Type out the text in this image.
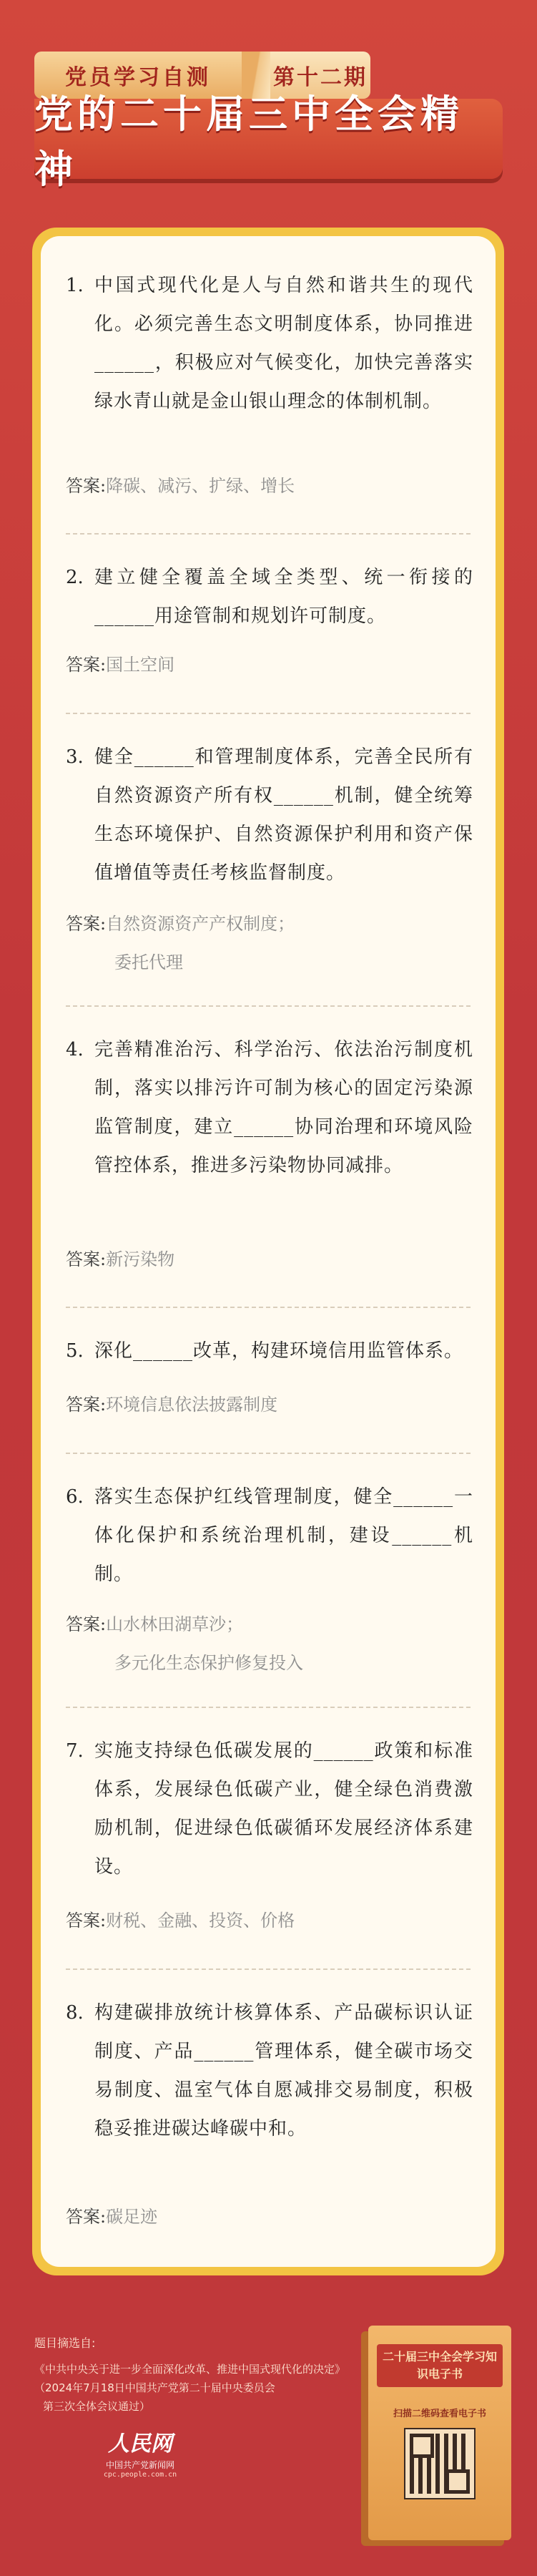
党员学习自测	第十二期
党的二十届三中全会精神
1. 中国式现代化是人与自然和谐共生的现代化。必须完善生态文明制度体系，协同推进______，积极应对气候变化，加快完善落实绿水青山就是金山银山理念的体制机制。
答案:降碳、减污、扩绿、增长
2. 建立健全覆盖全域全类型、统一衔接的______用途管制和规划许可制度。
答案:国土空间
3. 健全______和管理制度体系，完善全民所有自然资源资产所有权______机制，健全统筹生态环境保护、自然资源保护利用和资产保值增值等责任考核监督制度。
答案:自然资源资产产权制度；
委托代理
4. 完善精准治污、科学治污、依法治污制度机制，落实以排污许可制为核心的固定污染源监管制度，建立______协同治理和环境风险管控体系，推进多污染物协同减排。
答案:新污染物
5. 深化______改革，构建环境信用监管体系。
答案:环境信息依法披露制度
6. 落实生态保护红线管理制度，健全______一体化保护和系统治理机制，建设______机制。
答案:山水林田湖草沙；
多元化生态保护修复投入
7. 实施支持绿色低碳发展的______政策和标准体系，发展绿色低碳产业，健全绿色消费激励机制，促进绿色低碳循环发展经济体系建设。
答案:财税、金融、投资、价格
8. 构建碳排放统计核算体系、产品碳标识认证制度、产品______管理体系，健全碳市场交易制度、温室气体自愿减排交易制度，积极稳妥推进碳达峰碳中和。
答案:碳足迹
题目摘选自:
《中共中央关于进一步全面深化改革、推进中国式现代化的决定》
（2024年7月18日中国共产党第二十届中央委员会
第三次全体会议通过）
人民网
中国共产党新闻网
cpc.people.com.cn
二十届三中全会学习知识电子书
扫描二维码查看电子书
